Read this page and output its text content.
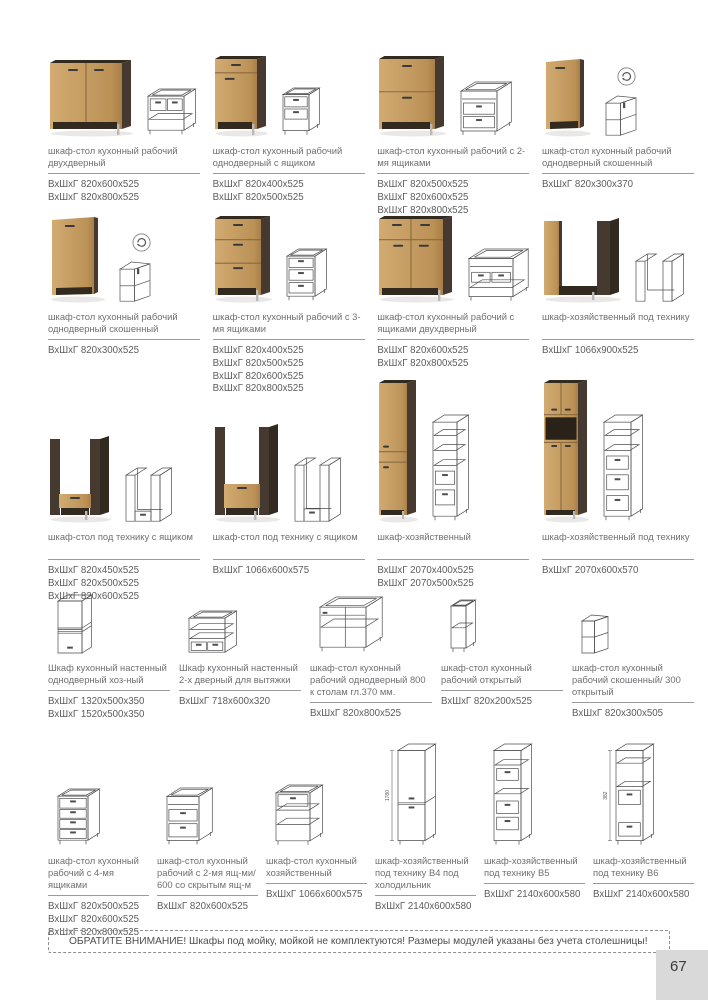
шкаф-стол кухонный рабочий двухдверный
ВхШхГ 820х600х525
ВхШхГ 820х800х525
шкаф-стол кухонный рабочий однодверный с ящиком
ВхШхГ 820х400х525
ВхШхГ 820х500х525
шкаф-стол кухонный рабочий с 2-мя ящиками
ВхШхГ 820х500х525
ВхШхГ 820х600х525
ВхШхГ 820х800х525
шкаф-стол кухонный рабочий однодверный скошенный
ВхШхГ 820х300х370
шкаф-стол кухонный рабочий однодверный скошенный
ВхШхГ 820х300х525
шкаф-стол кухонный рабочий с 3-мя ящиками
ВхШхГ 820х400х525
ВхШхГ 820х500х525
ВхШхГ 820х600х525
ВхШхГ 820х800х525
шкаф-стол кухонный рабочий с ящиками двухдверный
ВхШхГ 820х600х525
ВхШхГ 820х800х525
шкаф-хозяйственный под технику
ВхШхГ 1066х900х525
шкаф-стол под технику с ящиком
ВхШхГ 820х450х525
ВхШхГ 820х500х525
ВхШхГ 820х600х525
шкаф-стол под технику с ящиком
ВхШхГ 1066х600х575
шкаф-хозяйственный
ВхШхГ 2070х400х525
ВхШхГ 2070х500х525
шкаф-хозяйственный под технику
ВхШхГ 2070х600х570
Шкаф кухонный настенный однодверный хоз-ный
ВхШхГ 1320х500х350
ВхШхГ 1520х500х350
Шкаф кухонный настенный 2-х дверный для вытяжки
ВхШхГ 718х600х320
шкаф-стол кухонный рабочий однодверный 800 к столам гл.370 мм.
ВхШхГ 820х800х525
шкаф-стол кухонный рабочий открытый
ВхШхГ 820х200х525
шкаф-стол кухонный рабочий скошенный/ 300 открытый
ВхШхГ 820х300х505
шкаф-стол кухонный рабочий с 4-мя ящиками
ВхШхГ 820х500х525
ВхШхГ 820х600х525
ВхШхГ 820х800х525
шкаф-стол кухонный рабочий с 2-мя ящ-ми/ 600 со скрытым ящ-м
ВхШхГ 820х600х525
шкаф-стол кухонный хозяйственный
ВхШхГ 1066х600х575
1780
шкаф-хозяйственный под технику В4 под холодильник
ВхШхГ 2140х600х580
шкаф-хозяйственный под технику В5
ВхШхГ 2140х600х580
382
шкаф-хозяйственный под технику В6
ВхШхГ 2140х600х580
ОБРАТИТЕ ВНИМАНИЕ! Шкафы под мойку, мойкой не комплектуются! Размеры модулей указаны без учета столешницы!
67
